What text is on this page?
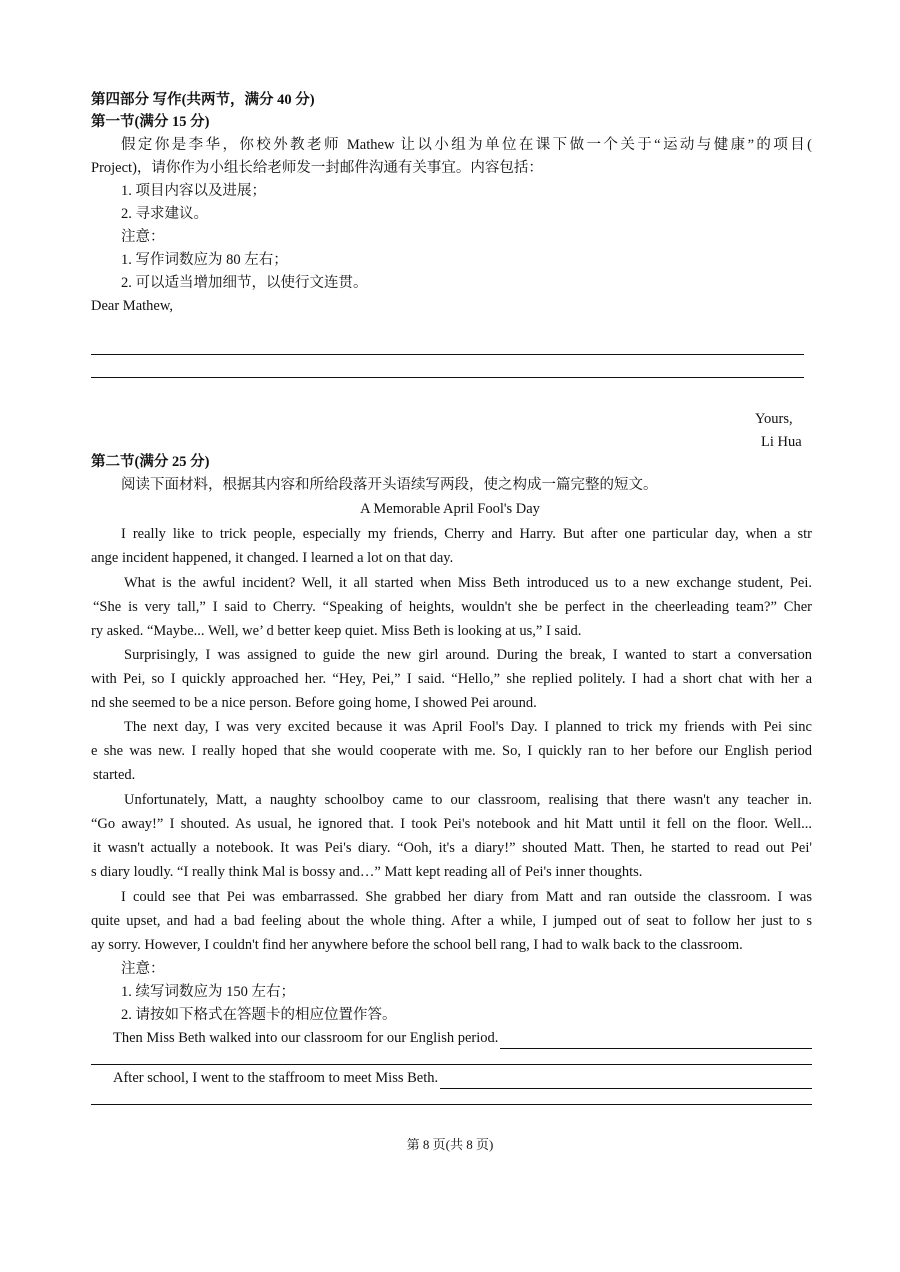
第四部分 写作(共两节，满分 40 分)
第一节(满分 15 分)
假定你是李华，你校外教老师 Mathew 让以小组为单位在课下做一个关于“运动与健康”的项目(
Project)，请你作为小组长给老师发一封邮件沟通有关事宜。内容包括：
1. 项目内容以及进展；
2. 寻求建议。
注意：
1. 写作词数应为 80 左右；
2. 可以适当增加细节，以使行文连贯。
Dear Mathew,
Yours,
Li Hua
第二节(满分 25 分)
阅读下面材料，根据其内容和所给段落开头语续写两段，使之构成一篇完整的短文。
A Memorable April Fool's Day
I really like to trick people, especially my friends, Cherry and Harry. But after one particular day, when a str
ange incident happened, it changed. I learned a lot on that day.
What is the awful incident? Well, it all started when Miss Beth introduced us to a new exchange student, Pei.
“She is very tall,” I said to Cherry. “Speaking of heights, wouldn't she be perfect in the cheerleading team?” Cher
ry asked. “Maybe... Well, we’ d better keep quiet. Miss Beth is looking at us,” I said.
Surprisingly, I was assigned to guide the new girl around. During the break, I wanted to start a conversation
with Pei, so I quickly approached her. “Hey, Pei,” I said. “Hello,” she replied politely. I had a short chat with her a
nd she seemed to be a nice person. Before going home, I showed Pei around.
The next day, I was very excited because it was April Fool's Day. I planned to trick my friends with Pei sinc
e she was new. I really hoped that she would cooperate with me. So, I quickly ran to her before our English period
started.
Unfortunately, Matt, a naughty schoolboy came to our classroom, realising that there wasn't any teacher in.
“Go away!” I shouted. As usual, he ignored that. I took Pei's notebook and hit Matt until it fell on the floor. Well...
it wasn't actually a notebook. It was Pei's diary. “Ooh, it's a diary!” shouted Matt. Then, he started to read out Pei'
s diary loudly. “I really think Mal is bossy and…” Matt kept reading all of Pei's inner thoughts.
I could see that Pei was embarrassed. She grabbed her diary from Matt and ran outside the classroom. I was
quite upset, and had a bad feeling about the whole thing. After a while, I jumped out of seat to follow her just to s
ay sorry. However, I couldn't find her anywhere before the school bell rang, I had to walk back to the classroom.
注意：
1. 续写词数应为 150 左右；
2. 请按如下格式在答题卡的相应位置作答。
Then Miss Beth walked into our classroom for our English period.
After school, I went to the staffroom to meet Miss Beth.
第 8 页(共 8 页)
